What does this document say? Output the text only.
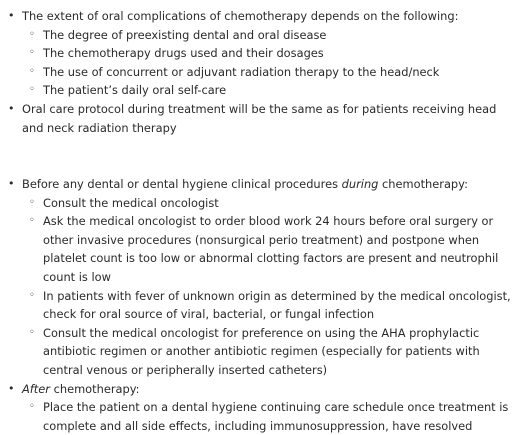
• The extent of oral complications of chemotherapy depends on the following:
◦ The degree of preexisting dental and oral disease
◦ The chemotherapy drugs used and their dosages
◦ The use of concurrent or adjuvant radiation therapy to the head/neck
◦ The patient’s daily oral self-care
• Oral care protocol during treatment will be the same as for patients receiving head and neck radiation therapy
• Before any dental or dental hygiene clinical procedures during chemotherapy:
◦ Consult the medical oncologist
◦ Ask the medical oncologist to order blood work 24 hours before oral surgery or other invasive procedures (nonsurgical perio treatment) and postpone when platelet count is too low or abnormal clotting factors are present and neutrophil count is low
◦ In patients with fever of unknown origin as determined by the medical oncologist, check for oral source of viral, bacterial, or fungal infection
◦ Consult the medical oncologist for preference on using the AHA prophylactic antibiotic regimen or another antibiotic regimen (especially for patients with central venous or peripherally inserted catheters)
• After chemotherapy:
◦ Place the patient on a dental hygiene continuing care schedule once treatment is complete and all side effects, including immunosuppression, have resolved
